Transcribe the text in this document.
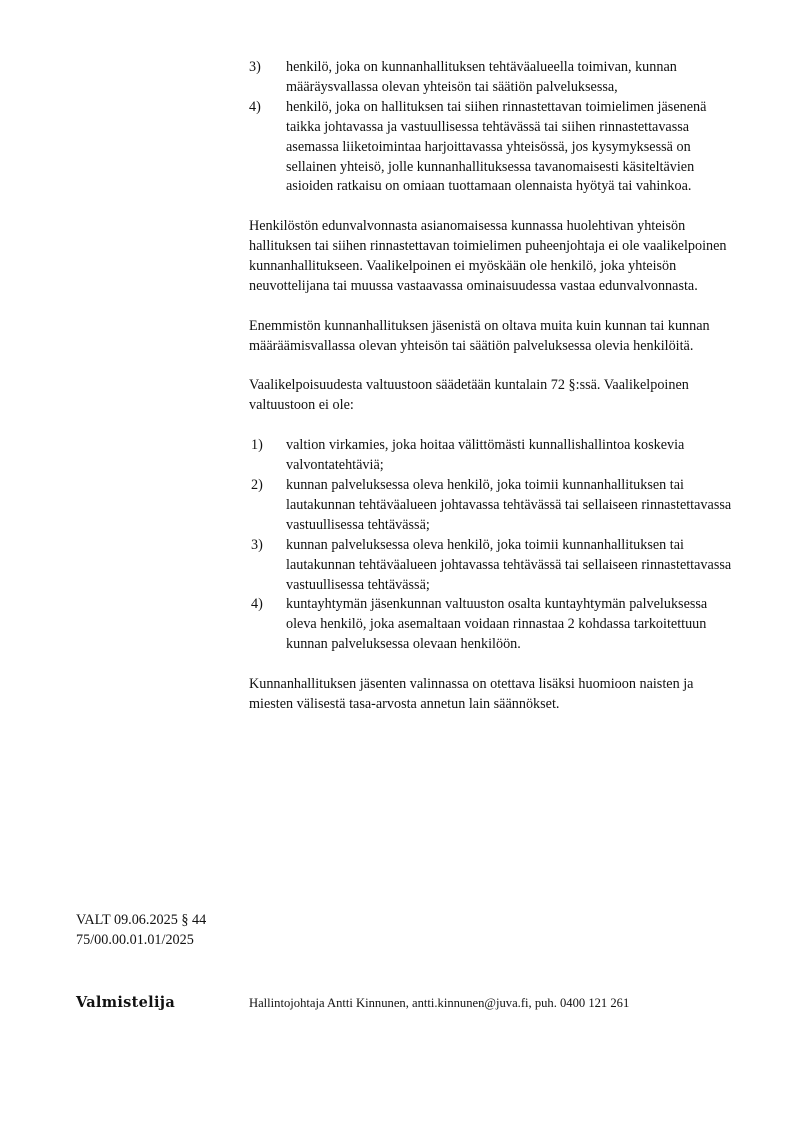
3)	henkilö, joka on kunnanhallituksen tehtäväalueella toimivan, kunnan määräysvallassa olevan yhteisön tai säätiön palveluksessa,
4)	henkilö, joka on hallituksen tai siihen rinnastettavan toimielimen jäsenenä taikka johtavassa ja vastuullisessa tehtävässä tai siihen rinnastettavassa asemassa liiketoimintaa harjoittavassa yhteisössä, jos kysymyksessä on sellainen yhteisö, jolle kunnanhallituksessa tavanomaisesti käsiteltävien asioiden ratkaisu on omiaan tuottamaan olennaista hyötyä tai vahinkoa.

Henkilöstön edunvalvonnasta asianomaisessa kunnassa huolehtivan yhteisön hallituksen tai siihen rinnastettavan toimielimen puheenjohtaja ei ole vaalikelpoinen kunnanhallitukseen. Vaalikelpoinen ei myöskään ole henkilö, joka yhteisön neuvottelijana tai muussa vastaavassa ominaisuudessa vastaa edunvalvonnasta.

Enemmistön kunnanhallituksen jäsenistä on oltava muita kuin kunnan tai kunnan määräämisvallassa olevan yhteisön tai säätiön palveluksessa olevia henkilöitä.

Vaalikelpoisuudesta valtuustoon säädetään kuntalain 72 §:ssä. Vaalikelpoinen valtuustoon ei ole:

1)	valtion virkamies, joka hoitaa välittömästi kunnallishallintoa koskevia valvontatehtäviä;
2)	kunnan palveluksessa oleva henkilö, joka toimii kunnanhallituksen tai lautakunnan tehtäväalueen johtavassa tehtävässä tai sellaiseen rinnastettavassa vastuullisessa tehtävässä;
3)	kunnan palveluksessa oleva henkilö, joka toimii kunnanhallituksen tai lautakunnan tehtäväalueen johtavassa tehtävässä tai sellaiseen rinnastettavassa vastuullisessa tehtävässä;
4)	kuntayhtymän jäsenkunnan valtuuston osalta kuntayhtymän palveluksessa oleva henkilö, joka asemaltaan voidaan rinnastaa 2 kohdassa tarkoitettuun kunnan palveluksessa olevaan henkilöön.

Kunnanhallituksen jäsenten valinnassa on otettava lisäksi huomioon naisten ja miesten välisestä tasa-arvosta annetun lain säännökset.

VALT 09.06.2025 § 44
75/00.00.01.01/2025
Valmistelija	Hallintojohtaja Antti Kinnunen, antti.kinnunen@juva.fi, puh. 0400 121 261
